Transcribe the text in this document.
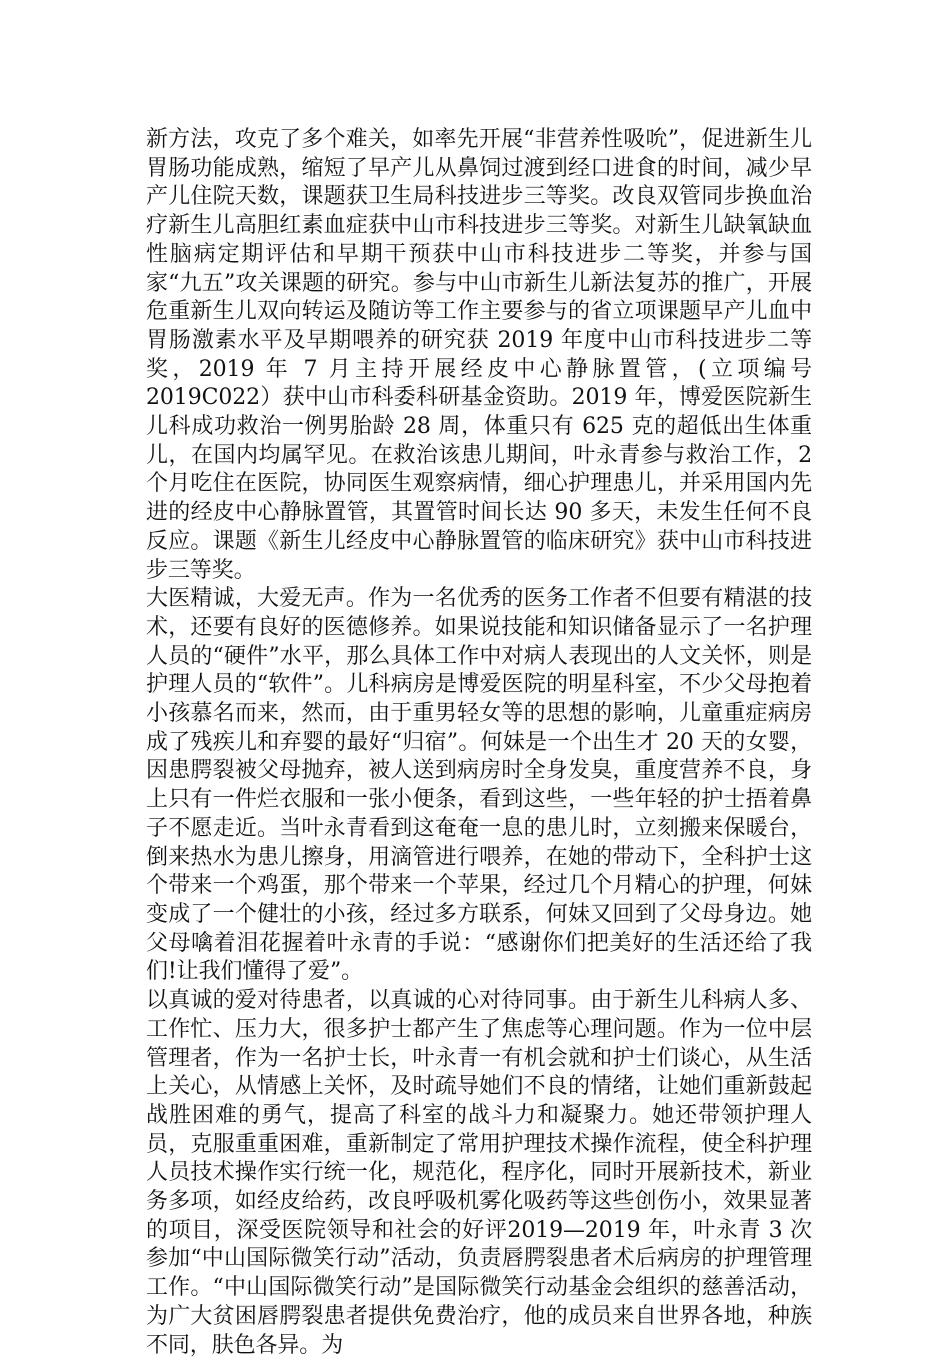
新方法，攻克了多个难关，如率先开展“非营养性吸吮”，促进新生儿胃肠功能成熟，缩短了早产儿从鼻饲过渡到经口进食的时间，减少早产儿住院天数，课题获卫生局科技进步三等奖。改良双管同步换血治疗新生儿高胆红素血症获中山市科技进步三等奖。对新生儿缺氧缺血性脑病定期评估和早期干预获中山市科技进步二等奖，并参与国家“九五”攻关课题的研究。参与中山市新生儿新法复苏的推广，开展危重新生儿双向转运及随访等工作主要参与的省立项课题早产儿血中胃肠激素水平及早期喂养的研究获 2019 年度中山市科技进步二等奖，2019 年 7 月主持开展经皮中心静脉置管，(立项编号 2019C022）获中山市科委科研基金资助。2019 年，博爱医院新生儿科成功救治一例男胎龄 28 周，体重只有 625 克的超低出生体重儿，在国内均属罕见。在救治该患儿期间，叶永青参与救治工作，2 个月吃住在医院，协同医生观察病情，细心护理患儿，并采用国内先进的经皮中心静脉置管，其置管时间长达 90 多天，未发生任何不良反应。课题《新生儿经皮中心静脉置管的临床研究》获中山市科技进步三等奖。

大医精诚，大爱无声。作为一名优秀的医务工作者不但要有精湛的技术，还要有良好的医德修养。如果说技能和知识储备显示了一名护理人员的“硬件”水平，那么具体工作中对病人表现出的人文关怀，则是护理人员的“软件”。儿科病房是博爱医院的明星科室，不少父母抱着小孩慕名而来，然而，由于重男轻女等的思想的影响，儿童重症病房成了残疾儿和弃婴的最好“归宿”。何妹是一个出生才 20 天的女婴，因患腭裂被父母抛弃，被人送到病房时全身发臭，重度营养不良，身上只有一件烂衣服和一张小便条，看到这些，一些年轻的护士捂着鼻子不愿走近。当叶永青看到这奄奄一息的患儿时，立刻搬来保暖台，倒来热水为患儿擦身，用滴管进行喂养，在她的带动下，全科护士这个带来一个鸡蛋，那个带来一个苹果，经过几个月精心的护理，何妹变成了一个健壮的小孩，经过多方联系，何妹又回到了父母身边。她父母噙着泪花握着叶永青的手说：“感谢你们把美好的生活还给了我们!让我们懂得了爱”。

以真诚的爱对待患者，以真诚的心对待同事。由于新生儿科病人多、工作忙、压力大，很多护士都产生了焦虑等心理问题。作为一位中层管理者，作为一名护士长，叶永青一有机会就和护士们谈心，从生活上关心，从情感上关怀，及时疏导她们不良的情绪，让她们重新鼓起战胜困难的勇气，提高了科室的战斗力和凝聚力。她还带领护理人员，克服重重困难，重新制定了常用护理技术操作流程，使全科护理人员技术操作实行统一化，规范化，程序化，同时开展新技术，新业务多项，如经皮给药，改良呼吸机雾化吸药等这些创伤小，效果显著的项目，深受医院领导和社会的好评2019—2019 年，叶永青 3 次参加“中山国际微笑行动”活动，负责唇腭裂患者术后病房的护理管理工作。“中山国际微笑行动”是国际微笑行动基金会组织的慈善活动，为广大贫困唇腭裂患者提供免费治疗，他的成员来自世界各地，种族不同，肤色各异。为
